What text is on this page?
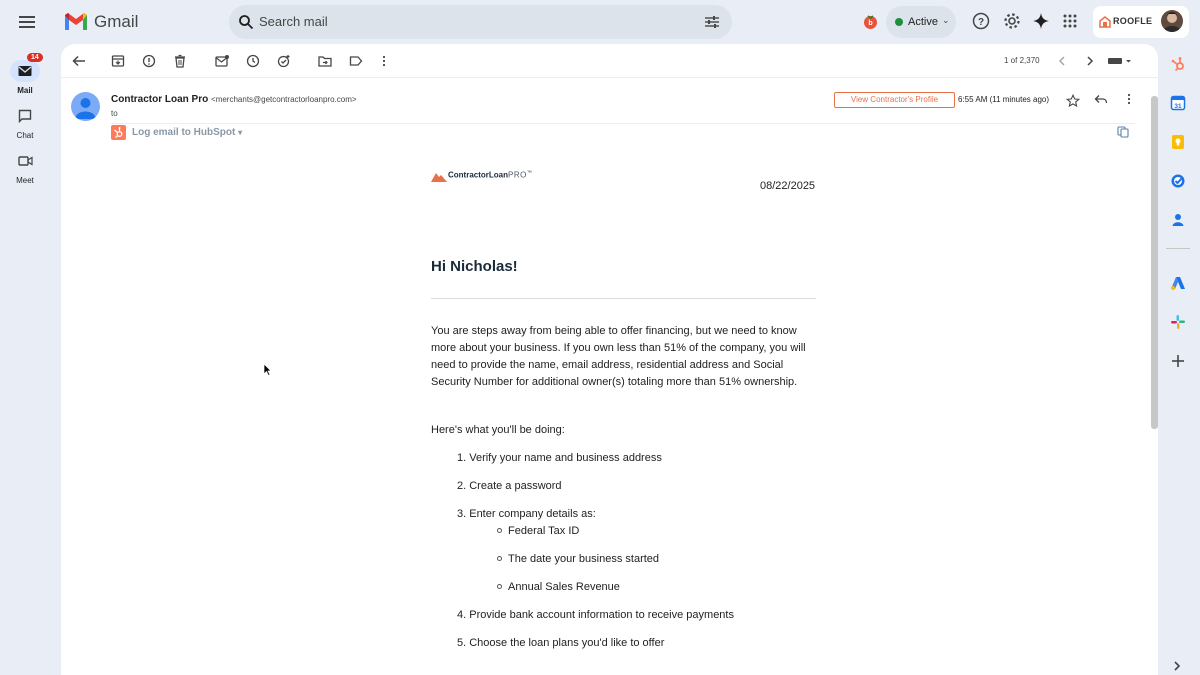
Gmail	Search mail	b	Active ⌄	?	ROOFLE
14
Mail
Chat
Meet
1 of 2,370
Contractor Loan Pro <merchants@getcontractorloanpro.com>
to
View Contractor's Profile	6:55 AM (11 minutes ago)
Log email to HubSpot ▾
ContractorLoanPRO™
08/22/2025
Hi Nicholas!

You are steps away from being able to offer financing, but we need to know more about your business. If you own less than 51% of the company, you will need to provide the name, email address, residential address and Social Security Number for additional owner(s) totaling more than 51% ownership.

Here's what you'll be doing:
1. Verify your name and business address
2. Create a password
3. Enter company details as:
Federal Tax ID
The date your business started
Annual Sales Revenue
4. Provide bank account information to receive payments
5. Choose the loan plans you'd like to offer
31
